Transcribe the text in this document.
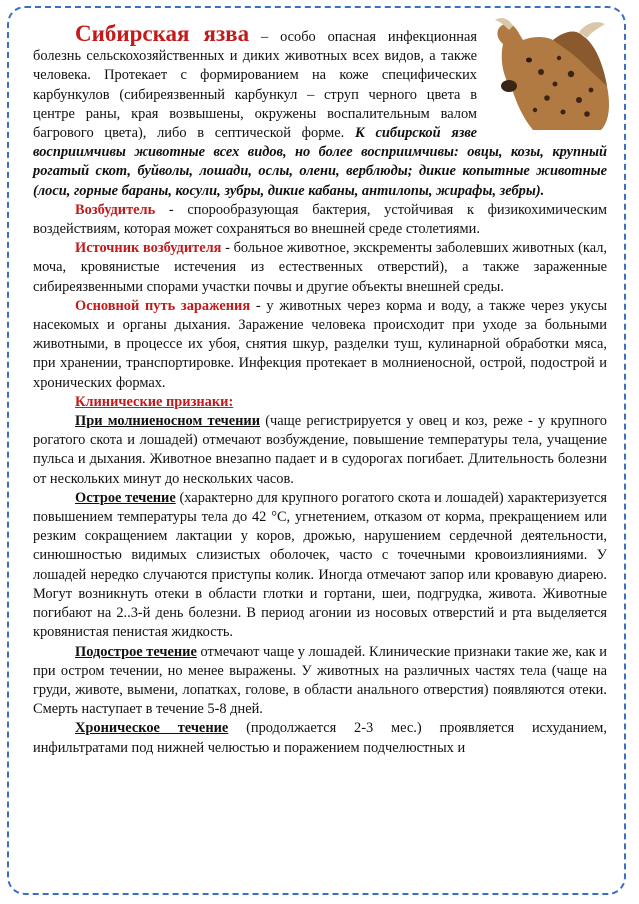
Сибирская язва – особо опасная инфекционная болезнь сельскохозяйственных и диких животных всех видов, а также человека. Протекает с формированием на коже специфических карбункулов (сибиреязвенный карбункул – струп черного цвета в центре раны, края возвышены, окружены воспалительным валом багрового цвета), либо в септической форме. К сибирской язве восприимчивы животные всех видов, но более восприимчивы: овцы, козы, крупный рогатый скот, буйволы, лошади, ослы, олени, верблюды; дикие копытные животные (лоси, горные бараны, косули, зубры, дикие кабаны, антилопы, жирафы, зебры).

Возбудитель - спорообразующая бактерия, устойчивая к физикохимическим воздействиям, которая может сохраняться во внешней среде столетиями.

Источник возбудителя - больное животное, экскременты заболевших животных (кал, моча, кровянистые истечения из естественных отверстий), а также зараженные сибиреязвенными спорами участки почвы и другие объекты внешней среды.

Основной путь заражения - у животных через корма и воду, а также через укусы насекомых и органы дыхания. Заражение человека происходит при уходе за больными животными, в процессе их убоя, снятия шкур, разделки туш, кулинарной обработки мяса, при хранении, транспортировке. Инфекция протекает в молниеносной, острой, подострой и хронических формах.

Клинические признаки:

При молниеносном течении (чаще регистрируется у овец и коз, реже - у крупного рогатого скота и лошадей) отмечают возбуждение, повышение температуры тела, учащение пульса и дыхания. Животное внезапно падает и в судорогах погибает. Длительность болезни от нескольких минут до нескольких часов.

Острое течение (характерно для крупного рогатого скота и лошадей) характеризуется повышением температуры тела до 42 °С, угнетением, отказом от корма, прекращением или резким сокращением лактации у коров, дрожью, нарушением сердечной деятельности, синюшностью видимых слизистых оболочек, часто с точечными кровоизлияниями. У лошадей нередко случаются приступы колик. Иногда отмечают запор или кровавую диарею. Могут возникнуть отеки в области глотки и гортани, шеи, подгрудка, живота. Животные погибают на 2..3-й день болезни. В период агонии из носовых отверстий и рта выделяется кровянистая пенистая жидкость.

Подострое течение отмечают чаще у лошадей. Клинические признаки такие же, как и при остром течении, но менее выражены. У животных на различных частях тела (чаще на груди, животе, вымени, лопатках, голове, в области анального отверстия) появляются отеки. Смерть наступает в течение 5-8 дней.

Хроническое течение (продолжается 2-3 мес.) проявляется исхуданием, инфильтратами под нижней челюстью и поражением подчелюстных и
